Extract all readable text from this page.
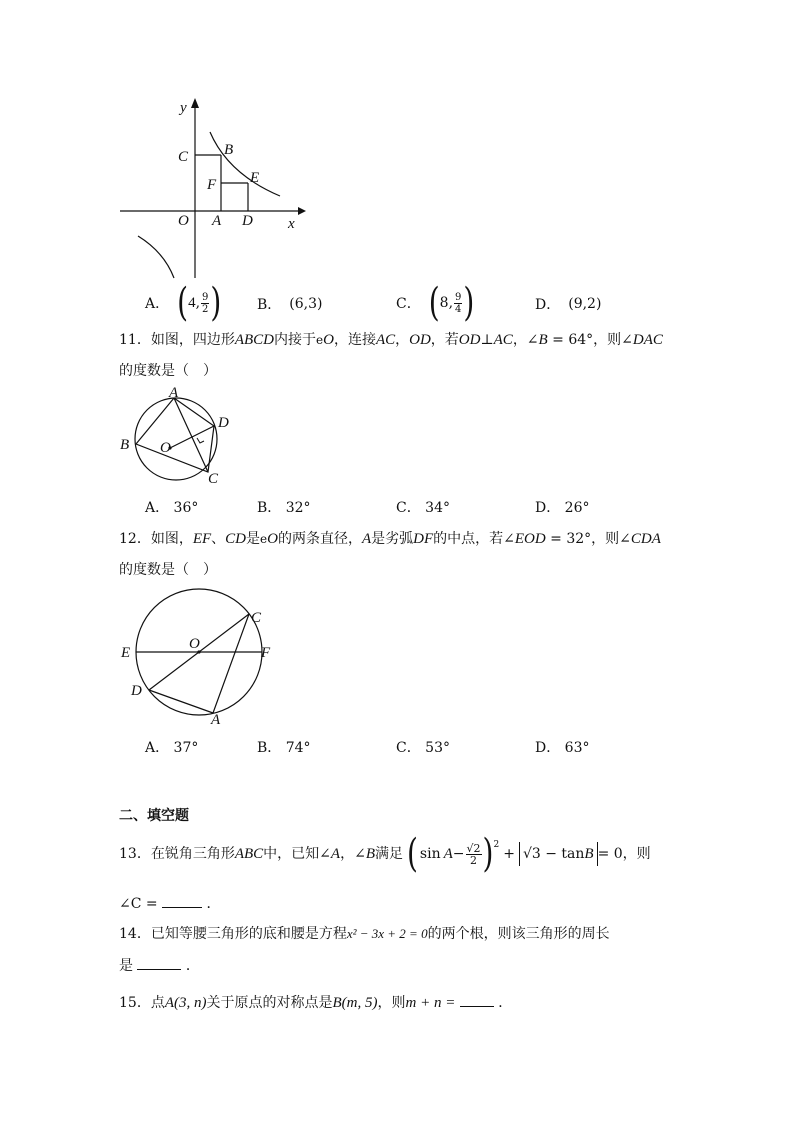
y
x
C B
F E
O A D
A． ( 4 , $\frac{9}{2}$ )	B． (6,3)	C． ( 8 , $\frac{9}{4}$ )	D． (9,2)
11．如图，四边形ABCD内接于eO，连接AC，OD，若OD⊥AC，∠B = 64°，则∠DAC
的度数是（　）
A
B
C
D
O
A． 36°	B． 32°	C． 34°	D． 26°
12．如图，EF、CD是eO的两条直径，A是劣弧DF的中点，若∠EOD = 32°，则∠CDA
的度数是（　）
C
O
E	F
D
A
A． 37°	B． 74°	C． 53°	D． 63°
二、填空题
13． 在锐角三角形 ABC 中，已知∠ A ，∠ B 满足 ( $\sin A - \frac{√2}{2} )^2$
+ √3 − tanB = 0 ，则
∠C =	．
14．已知等腰三角形的底和腰是方程x² − 3x + 2 = 0的两个根，则该三角形的周长
是	．
15．点A(3, n)关于原点的对称点是B(m, 5)，则m + n =	．
